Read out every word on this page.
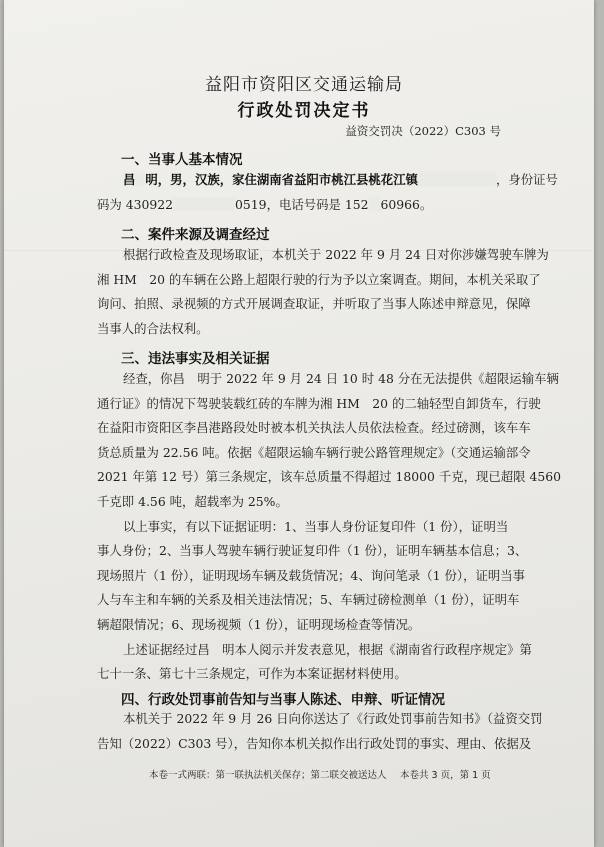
益阳市资阳区交通运输局
行政处罚决定书
益资交罚决（2022）C303 号
一、当事人基本情况
昌 明，男，汉族，家住湖南省益阳市桃江县桃花江镇	，身份证号
码为 430922	0519，电话号码是 152 60966。
二、案件来源及调查经过
根据行政检查及现场取证，本机关于 2022 年 9 月 24 日对你涉嫌驾驶车牌为
湘 HM　20 的车辆在公路上超限行驶的行为予以立案调查。期间，本机关采取了
询问、拍照、录视频的方式开展调查取证，并听取了当事人陈述申辩意见，保障
当事人的合法权利。
三、违法事实及相关证据
经查，你昌　明于 2022 年 9 月 24 日 10 时 48 分在无法提供《超限运输车辆
通行证》的情况下驾驶装载红砖的车牌为湘 HM　20 的二轴轻型自卸货车，行驶
在益阳市资阳区李昌港路段处时被本机关执法人员依法检查。经过磅测，该车车
货总质量为 22.56 吨。依据《超限运输车辆行驶公路管理规定》（交通运输部令
2021 年第 12 号）第三条规定，该车总质量不得超过 18000 千克，现已超限 4560
千克即 4.56 吨，超载率为 25%。
以上事实，有以下证据证明：1、当事人身份证复印件（1 份），证明当
事人身份；2、当事人驾驶车辆行驶证复印件（1 份），证明车辆基本信息；3、
现场照片（1 份），证明现场车辆及载货情况；4、询问笔录（1 份），证明当事
人与车主和车辆的关系及相关违法情况；5、车辆过磅检测单（1 份），证明车
辆超限情况；6、现场视频（1 份），证明现场检查等情况。
上述证据经过昌　明本人阅示并发表意见，根据《湖南省行政程序规定》第
七十一条、第七十三条规定，可作为本案证据材料使用。
四、行政处罚事前告知与当事人陈述、申辩、听证情况
本机关于 2022 年 9 月 26 日向你送达了《行政处罚事前告知书》（益资交罚
告知（2022）C303 号），告知你本机关拟作出行政处罚的事实、理由、依据及
本卷一式两联：第一联执法机关保存；第二联交被送达人 本卷共 3 页，第 1 页
